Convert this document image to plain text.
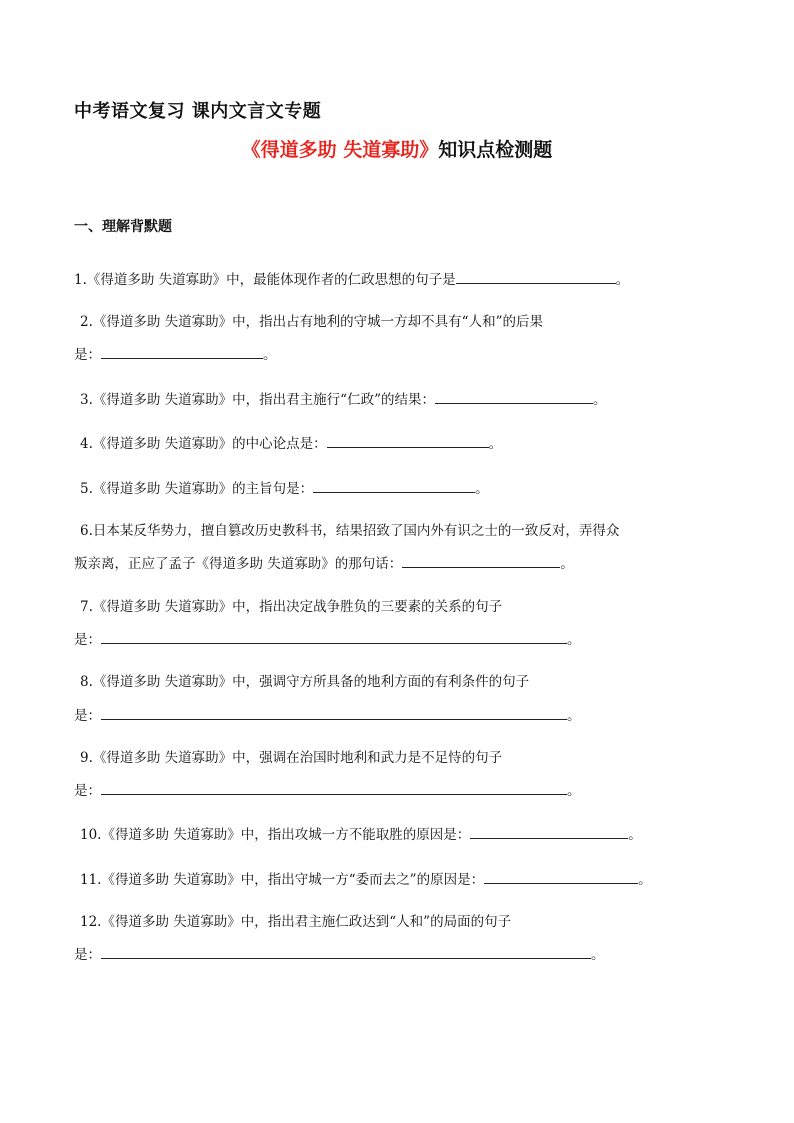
中考语文复习 课内文言文专题
《得道多助 失道寡助》知识点检测题
一、理解背默题
1.《得道多助 失道寡助》中，最能体现作者的仁政思想的句子是	。
2.《得道多助 失道寡助》中，指出占有地利的守城一方却不具有“人和”的后果
是：	。
3.《得道多助 失道寡助》中，指出君主施行“仁政”的结果：	。
4.《得道多助 失道寡助》的中心论点是：	。
5.《得道多助 失道寡助》的主旨句是：	。
6.日本某反华势力，擅自篡改历史教科书，结果招致了国内外有识之士的一致反对，弄得众
叛亲离，正应了孟子《得道多助 失道寡助》的那句话：	。
7.《得道多助 失道寡助》中，指出决定战争胜负的三要素的关系的句子
是：	。
8.《得道多助 失道寡助》中，强调守方所具备的地利方面的有利条件的句子
是：	。
9.《得道多助 失道寡助》中，强调在治国时地利和武力是不足恃的句子
是：	。
10.《得道多助 失道寡助》中，指出攻城一方不能取胜的原因是：	。
11.《得道多助 失道寡助》中，指出守城一方“委而去之”的原因是：	。
12.《得道多助 失道寡助》中，指出君主施仁政达到“人和”的局面的句子
是：	。
